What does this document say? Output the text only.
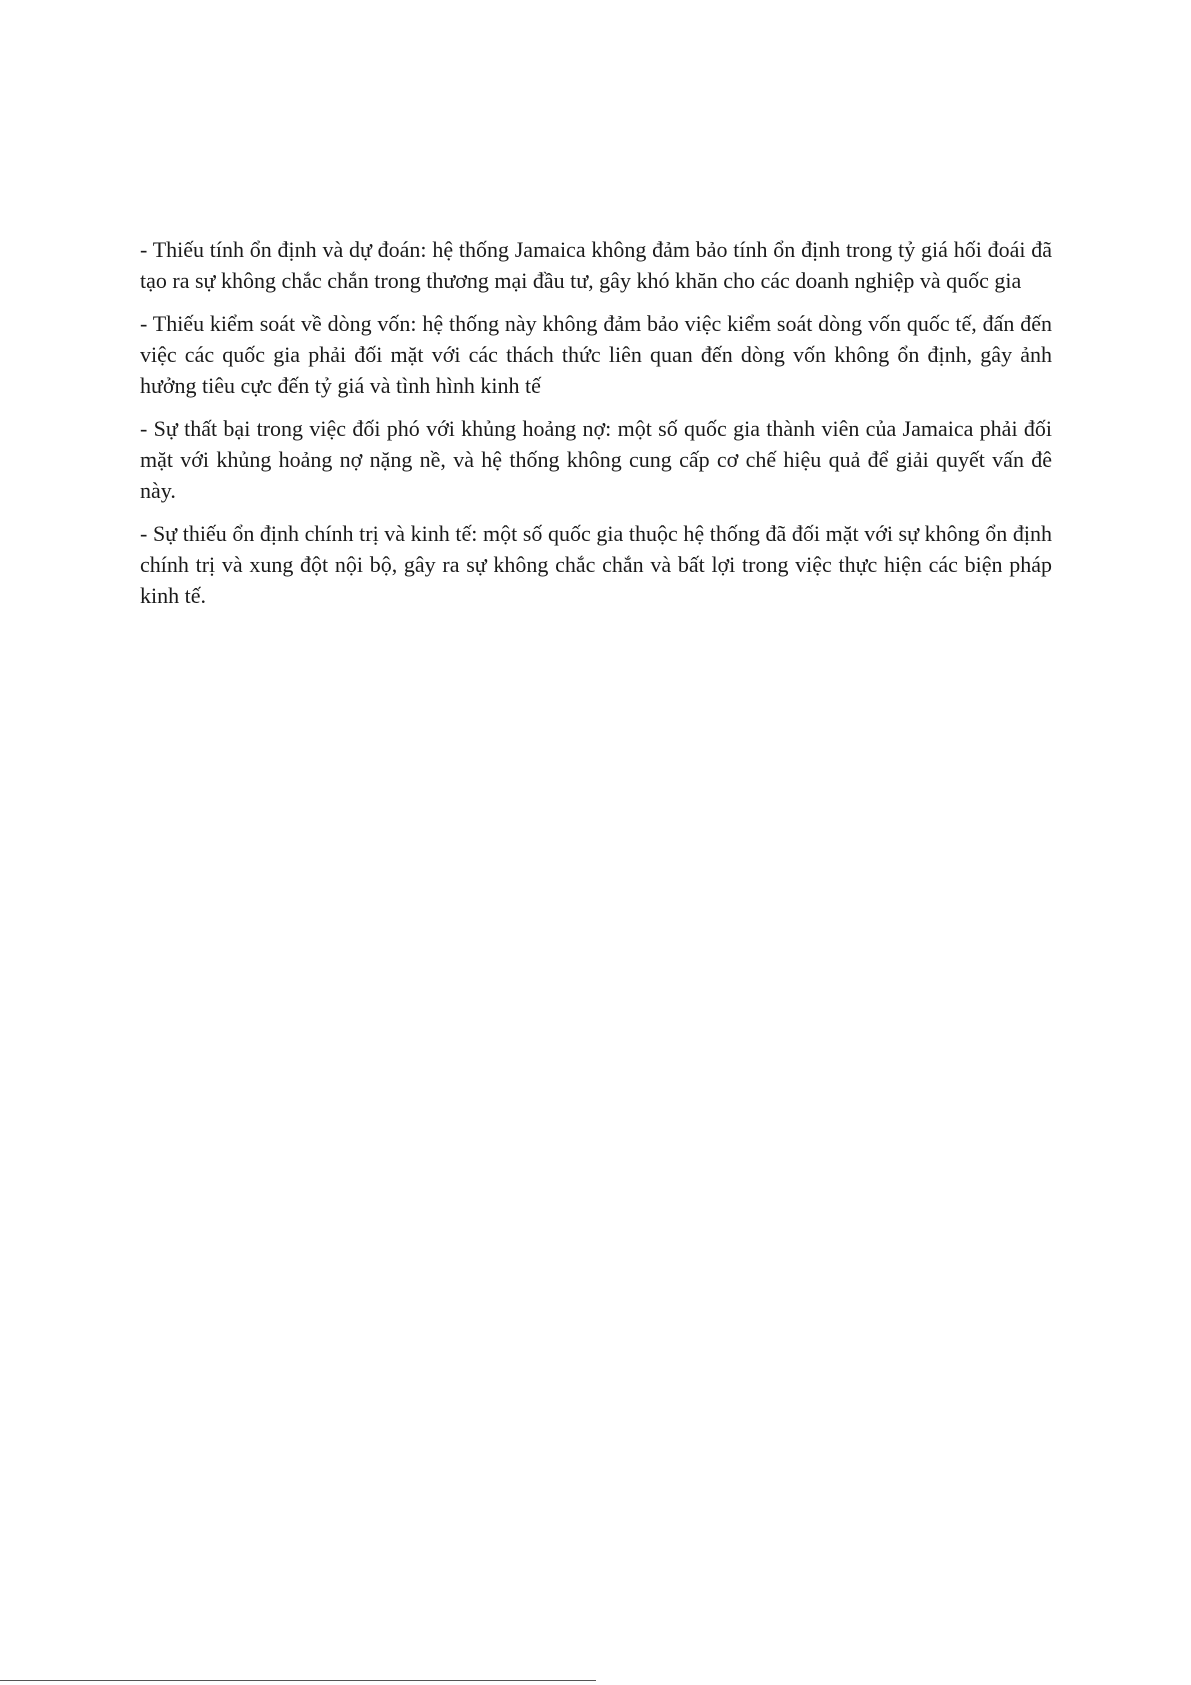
- Thiếu tính ổn định và dự đoán: hệ thống Jamaica không đảm bảo tính ổn định trong tỷ giá hối đoái đã tạo ra sự không chắc chắn trong thương mại đầu tư, gây khó khăn cho các doanh nghiệp và quốc gia

- Thiếu kiểm soát về dòng vốn: hệ thống này không đảm bảo việc kiểm soát dòng vốn quốc tế, đấn đến việc các quốc gia phải đối mặt với các thách thức liên quan đến dòng vốn không ổn định, gây ảnh hưởng tiêu cực đến tỷ giá và tình hình kinh tế

- Sự thất bại trong việc đối phó với khủng hoảng nợ: một số quốc gia thành viên của Jamaica phải đối mặt với khủng hoảng nợ nặng nề, và hệ thống không cung cấp cơ chế hiệu quả để giải quyết vấn đê này.

- Sự thiếu ổn định chính trị và kinh tế: một số quốc gia thuộc hệ thống đã đối mặt với sự không ổn định chính trị và xung đột nội bộ, gây ra sự không chắc chắn và bất lợi trong việc thực hiện các biện pháp kinh tế.
